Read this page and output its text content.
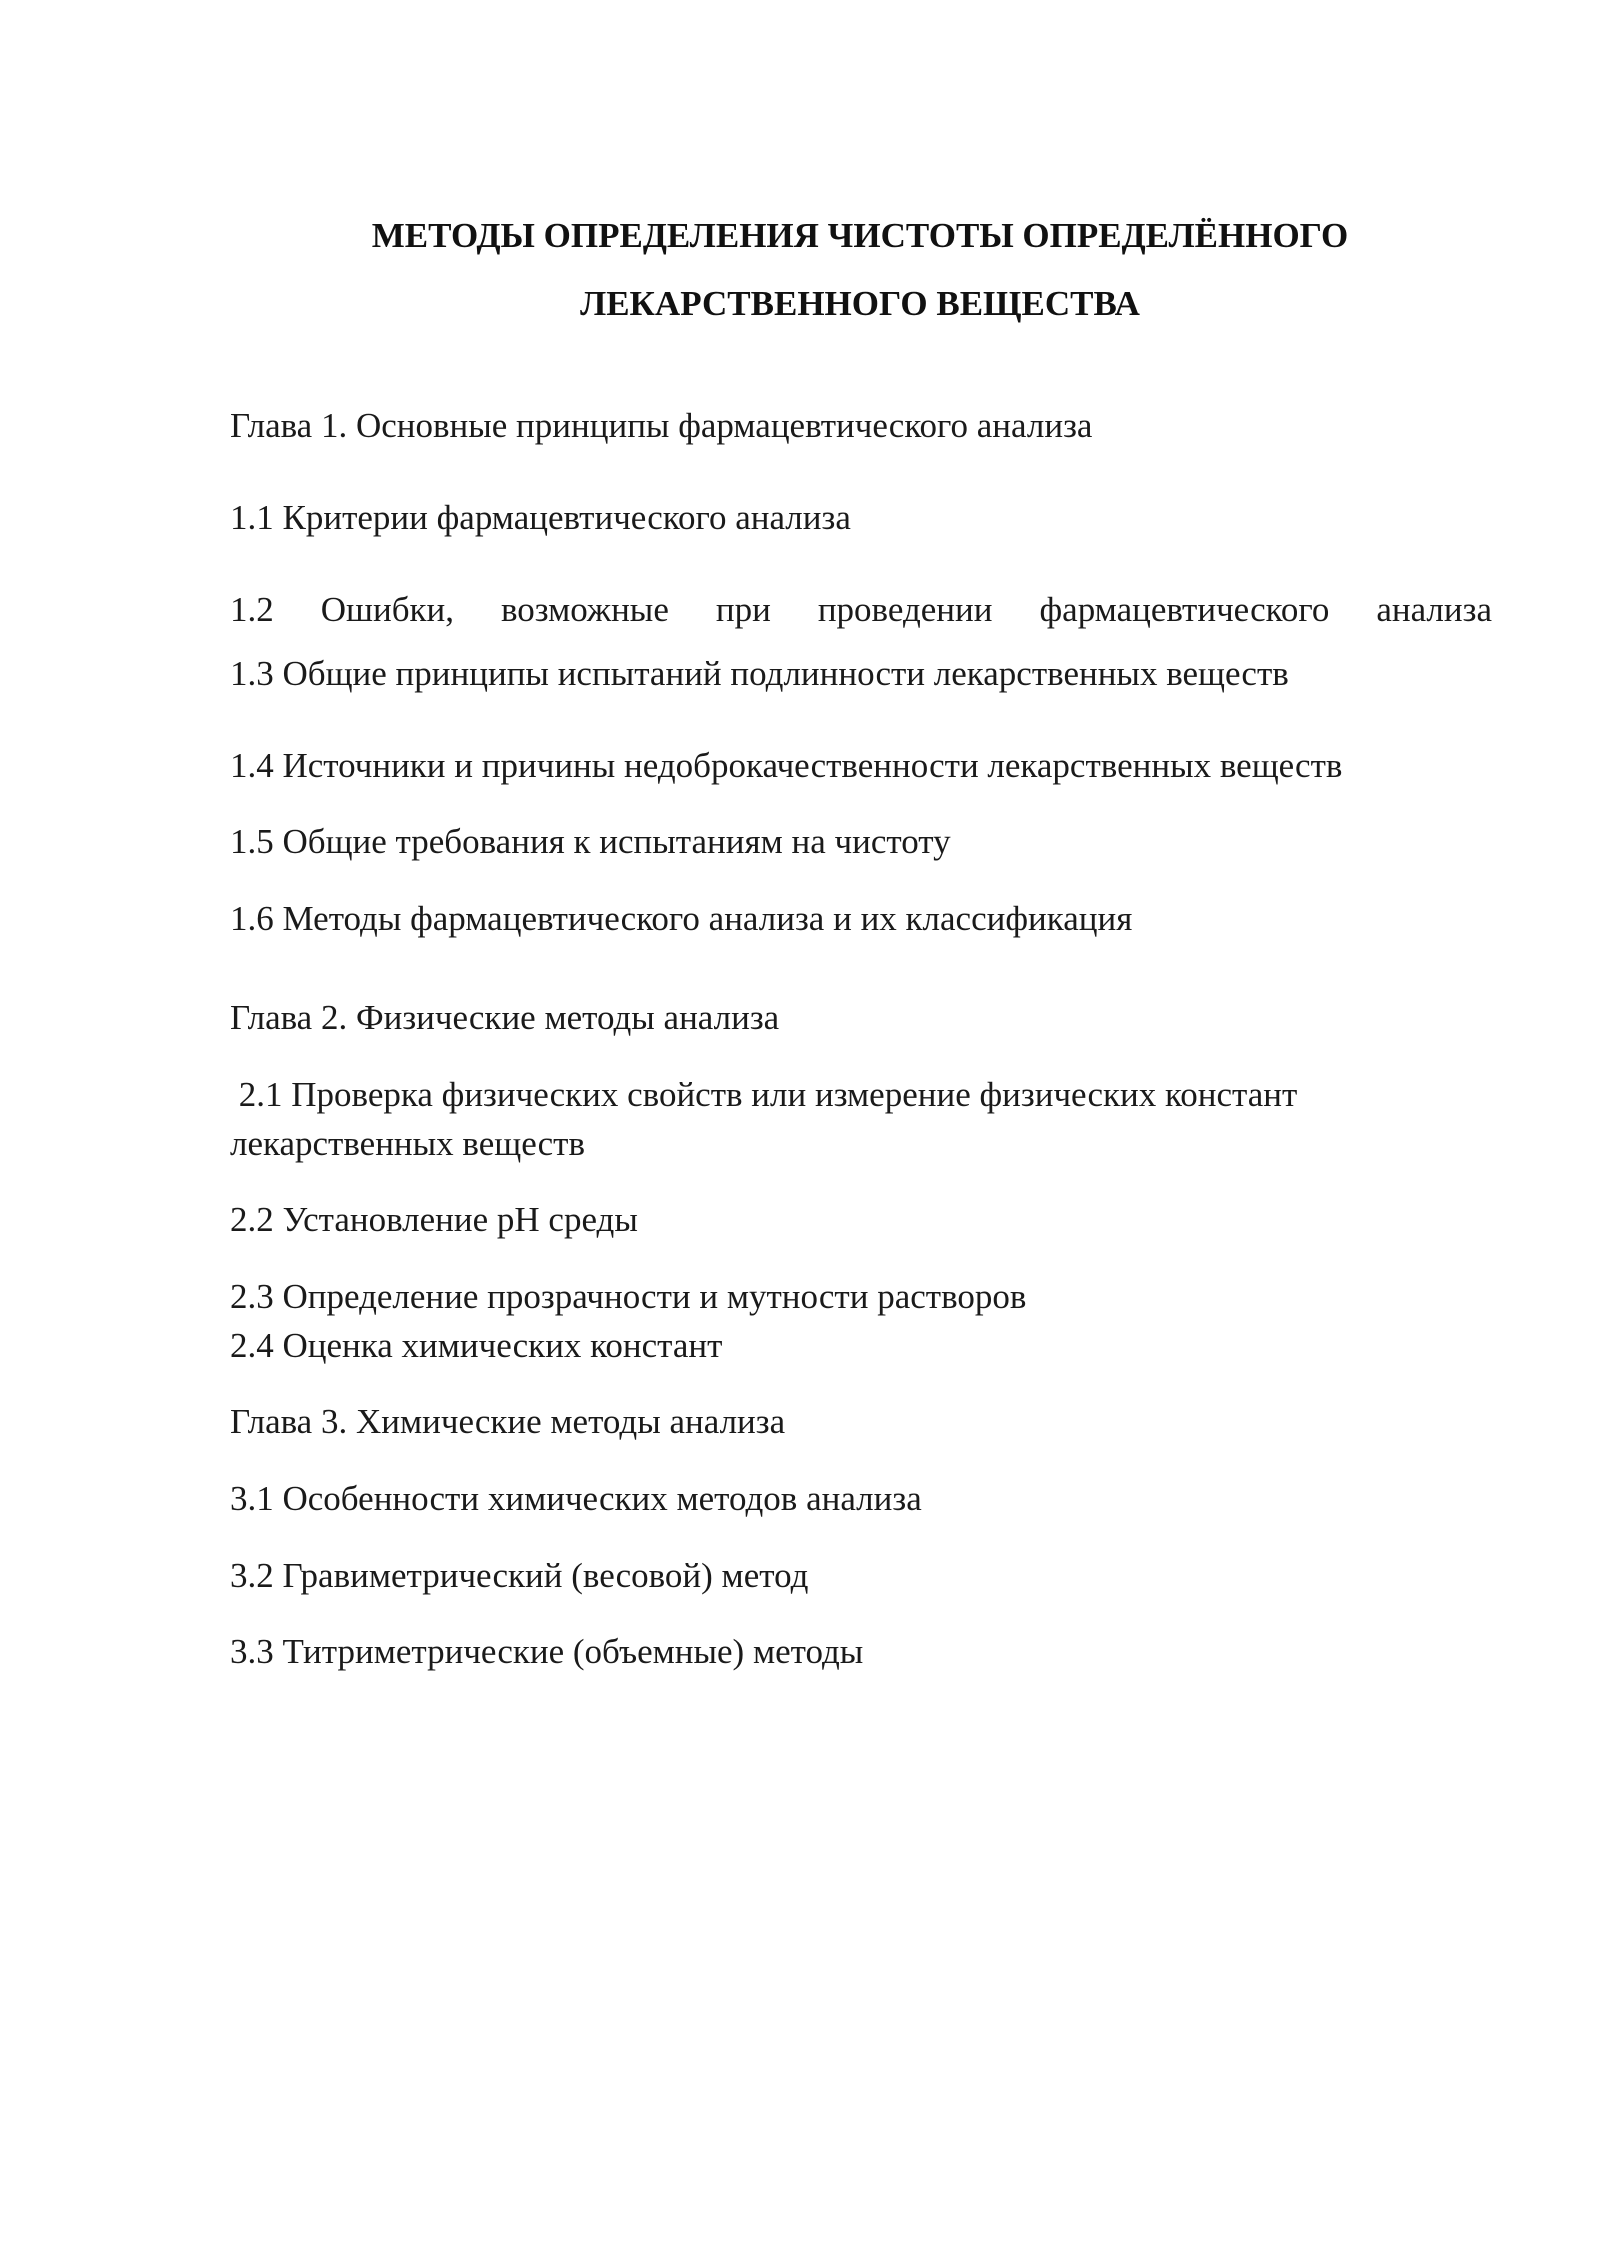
МЕТОДЫ ОПРЕДЕЛЕНИЯ ЧИСТОТЫ ОПРЕДЕЛЁННОГО
ЛЕКАРСТВЕННОГО ВЕЩЕСТВА
Глава 1. Основные принципы фармацевтического анализа
1.1 Критерии фармацевтического анализа
1.2 Ошибки, возможные при проведении фармацевтического анализа
1.3 Общие принципы испытаний подлинности лекарственных веществ
1.4 Источники и причины недоброкачественности лекарственных веществ
1.5 Общие требования к испытаниям на чистоту
1.6 Методы фармацевтического анализа и их классификация
Глава 2. Физические методы анализа
2.1 Проверка физических свойств или измерение физических констант
лекарственных веществ
2.2 Установление pH среды
2.3 Определение прозрачности и мутности растворов
2.4 Оценка химических констант
Глава 3. Химические методы анализа
3.1 Особенности химических методов анализа
3.2 Гравиметрический (весовой) метод
3.3 Титриметрические (объемные) методы
